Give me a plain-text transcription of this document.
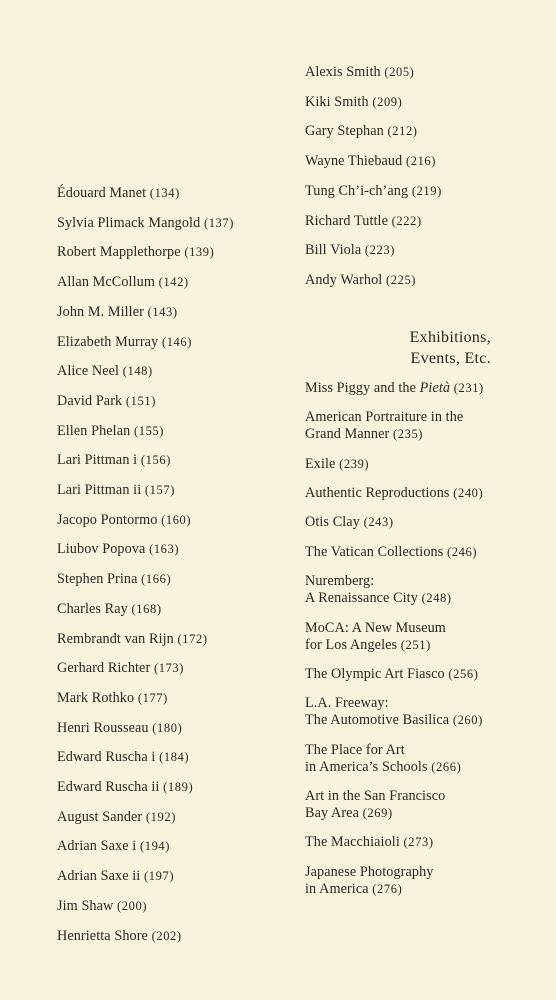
Édouard Manet (134)
Sylvia Plimack Mangold (137)
Robert Mapplethorpe (139)
Allan McCollum (142)
John M. Miller (143)
Elizabeth Murray (146)
Alice Neel (148)
David Park (151)
Ellen Phelan (155)
Lari Pittman i (156)
Lari Pittman ii (157)
Jacopo Pontormo (160)
Liubov Popova (163)
Stephen Prina (166)
Charles Ray (168)
Rembrandt van Rijn (172)
Gerhard Richter (173)
Mark Rothko (177)
Henri Rousseau (180)
Edward Ruscha i (184)
Edward Ruscha ii (189)
August Sander (192)
Adrian Saxe i (194)
Adrian Saxe ii (197)
Jim Shaw (200)
Henrietta Shore (202)
Exhibitions,
Events, Etc.
Alexis Smith (205)
Kiki Smith (209)
Gary Stephan (212)
Wayne Thiebaud (216)
Tung Ch’i-ch’ang (219)
Richard Tuttle (222)
Bill Viola (223)
Andy Warhol (225)
Miss Piggy and the Pietà (231)
American Portraiture in the
Grand Manner (235)
Exile (239)
Authentic Reproductions (240)
Otis Clay (243)
The Vatican Collections (246)
Nuremberg:
A Renaissance City (248)
MoCA: A New Museum
for Los Angeles (251)
The Olympic Art Fiasco (256)
L.A. Freeway:
The Automotive Basilica (260)
The Place for Art
in America’s Schools (266)
Art in the San Francisco
Bay Area (269)
The Macchiaioli (273)
Japanese Photography
in America (276)
